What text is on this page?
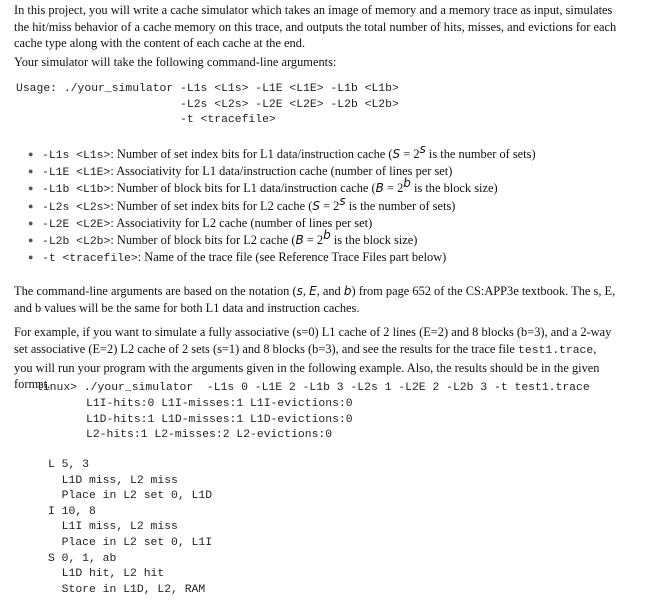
In this project, you will write a cache simulator which takes an image of memory and a memory trace as input, simulates
the hit/miss behavior of a cache memory on this trace, and outputs the total number of hits, misses, and evictions for each
cache type along with the content of each cache at the end.

Your simulator will take the following command-line arguments:

Usage: ./your_simulator -L1s <L1s> -L1E <L1E> -L1b <L1b>
-L2s <L2s> -L2E <L2E> -L2b <L2b>
-t <tracefile>
● -L1s <L1s>: Number of set index bits for L1 data/instruction cache ($S = 2^s$ is the number of sets)
● -L1E <L1E>: Associativity for L1 data/instruction cache (number of lines per set)
● -L1b <L1b>: Number of block bits for L1 data/instruction cache ($B = 2^b$ is the block size)
● -L2s <L2s>: Number of set index bits for L2 cache ($S = 2^s$ is the number of sets)
● -L2E <L2E>: Associativity for L2 cache (number of lines per set)
● -L2b <L2b>: Number of block bits for L2 cache ($B = 2^b$ is the block size)
● -t <tracefile>: Name of the trace file (see Reference Trace Files part below)

The command-line arguments are based on the notation (s, E, and b) from page 652 of the CS:APP3e textbook. The s, E,
and b values will be the same for both L1 data and instruction caches.

For example, if you want to simulate a fully associative (s=0) L1 cache of 2 lines (E=2) and 8 blocks (b=3), and a 2-way
set associative (E=2) L2 cache of 2 sets (s=1) and 8 blocks (b=3), and see the results for the trace file test1.trace,
you will run your program with the arguments given in the following example. Also, the results should be in the given
format.

linux> ./your_simulator  -L1s 0 -L1E 2 -L1b 3 -L2s 1 -L2E 2 -L2b 3 -t test1.trace
L1I-hits:0 L1I-misses:1 L1I-evictions:0
L1D-hits:1 L1D-misses:1 L1D-evictions:0
L2-hits:1 L2-misses:2 L2-evictions:0
L 5, 3
L1D miss, L2 miss
Place in L2 set 0, L1D
I 10, 8
L1I miss, L2 miss
Place in L2 set 0, L1I
S 0, 1, ab
L1D hit, L2 hit
Store in L1D, L2, RAM
